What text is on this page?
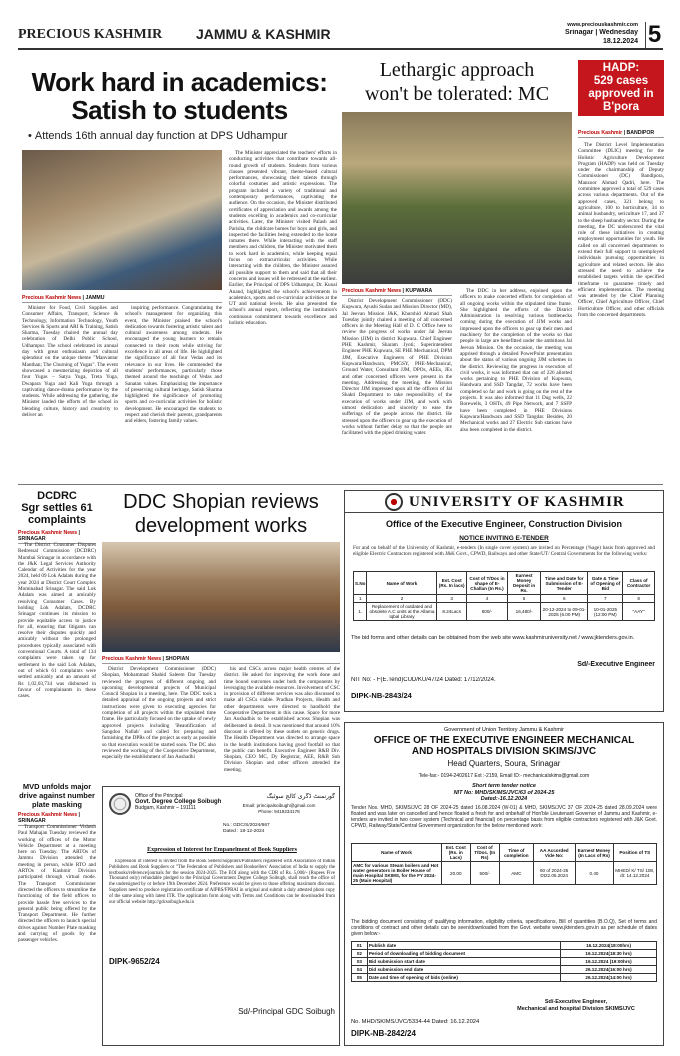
PRECIOUS KASHMIR	JAMMU & KASHMIR
www.preciouskashmir.com
Srinagar | Wednesday
18.12.2024 5
Work hard in academics:
Satish to students
• Attends 16th annual day function at DPS Udhampur

The Minister appreciated the teachers' efforts in conducting activities that contribute towards all-round growth of students. Students from various classes presented vibrant, theme-based cultural performances, showcasing their talents through colorful costumes and artistic expressions. The program included a variety of traditional and contemporary performances, captivating the audience. On the occasion, the Minister distributed certificates of appreciation and awards among the students excelling in academics and co-curricular activities. Later, the Minister visited Palash and Parisha, the childcare homes for boys and girls, and inspected the facilities being extended to the home inmates there. While interacting with the staff members and children, the Minister motivated them to work hard in academics, while keeping equal focus on extracurricular activities. While interacting with the children, the Minister assured all possible support to them and said that all their concerns and issues will be redressed at the earliest. Earlier, the Principal of DPS Udhampur, Dr. Kunal Anand, highlighted the school's achievements in academics, sports and co-curricular activities at the UT and national levels. He also presented the school's annual report, reflecting the institution's continuous commitment towards excellence and holistic education.

Precious Kashmir News | JAMMU

Minister for Food, Civil Supplies and Consumer Affairs, Transport, Science & Technology, Information Technology, Youth Services & Sports and ARI & Training, Satish Sharma, Tuesday chaired the annual day celebration of Delhi Public School, Udhampur. The school celebrated its annual day with great enthusiasm and cultural splendour on the unique theme "Manvantar Manthan; The Churning of Yugas". The event showcased a mesmerizing depiction of all four Yugas – Satya Yuga, Treta Yuga, Dwapara Yuga and Kali Yuga through a captivating dance-drama performance by the students. While addressing the gathering, the Minister lauded the efforts of the school in blending culture, history and creativity to deliver an

inspiring performance. Congratulating the school's management for organizing this event, the Minister praised the school's dedication towards fostering artistic talent and cultural awareness among students. He encouraged the young learners to remain connected to their roots while striving for excellence in all areas of life. He highlighted the significance of all four Vedas and its relevance in our lives. He commended the students' performances, particularly those themed around the teachings of Vedas and Sanatan values. Emphasizing the importance of preserving cultural heritage, Satish Sharma highlighted the significance of promoting sports and co-curricular activities for holistic development. He encouraged the students to respect and cherish their parents, grandparents and elders, fostering family values.

Lethargic approach
won't be tolerated: MC
Precious Kashmir News | KUPWARA

District Development Commissioner (DDC) Kupwara, Ayushi Sudan and Mission Director (MD), Jal Jeevan Mission J&K, Khurshid Ahmad Shah Tuesday jointly chaired a meeting of all concerned officers in the Meeting Hall of D. C Office here to review the progress of works under Jal Jeevan Mission (JJM) in district Kupwara. Chief Engineer PHE Kashmir, Sharam Jyoti; Superintendent Engineer PHE Kupwara, SE PHE Mechanical, DPM JJM, Executive Engineers of PHE Division Kupwara/Handwara, PMGSY, PHE-Mechanical, Ground Water, Consultant JJM, DPOs, AEEs, JEs and other concerned officers were present in the meeting. Addressing the meeting, the Mission Director JJM impressed upon all the officers of Jal Shakti Department to take responsibility of the execution of works under JJM, and work with utmost dedication and sincerity to ease the sufferings of the people across the district. He stressed upon the officers to gear up the execution of works without further delay so that the people are facilitated with the piped drinking water.

The DDC in her address, enjoined upon the officers to make concerted efforts for completion of all ongoing works within the stipulated time frame. She highlighted the efforts of the District Administration in resolving various bottlenecks coming during the execution of JJM works and impressed upon the officers to gear up their men and machinery for the completion of the works so that people in large are benefitted under the ambitious Jal Jeevan Mission. On the occasion, the meeting was apprised through a detailed PowerPoint presentation about the status of various ongoing JJM schemes in the district. Reviewing the progress in execution of civil works, it was informed that out of 226 allotted works pertaining to PHE Division of Kupwara, Handwara and SSD Tangdar, 72 works have been completed so far and work is going on the rest of the projects. It was also informed that 11 Dug wells, 22 Borewells, 3 OHTs, 49 Pipe Network, and 7 SSFP have been completed in PHE Divisions Kupwara/Handwara and SSD Tangdar. Besides, 20 Mechanical works and 27 Electric Sub stations have also been completed in the district.

HADP:
529 cases
approved in
B'pora
Precious Kashmir | BANDIPOR

The District Level Implementation Committee (DLIC) meeting for the Holistic Agriculture Development Program (HADP) was held on Tuesday under the chairmanship of Deputy Commissioner (DC) Bandipora, Manzoor Ahmad Qadri, here. The committee approved a total of 529 cases across various departments. Out of the approved cases, 321 belong to agriculture, 100 to horticulture, 34 to animal husbandry, sericulture 17, and 37 to the sheep husbandry sector. During the meeting, the DC underscored the vital role of these initiatives in creating employment opportunities for youth. He called on all concerned departments to extend their full support to unemployed individuals pursuing opportunities in agriculture and related sectors. He also stressed the need to achieve the established targets within the specified timeframe to guarantee timely and efficient implementation. The meeting was attended by the Chief Planning Officer, Chief Agriculture Officer, Chief Horticulture Officer, and other officials from the concerned departments.

DCDRC
Sgr settles 61
complaints
Precious Kashmir News | SRINAGAR

The District Consumer Disputes Redressal Commission (DCDRC) Mumbai Srinagar in accordance with the J&K Legal Services Authority Calendar of Activities for the year 2024, held 09 Lok Adalats during the year 2024 at District Court Complex Mominabad Srinagar. The said Lok Adalats was aimed at amicably resolving Consumer Cases. By holding Lok Adalats, DCDRC Srinagar continues its mission to provide equitable access to justice for all, ensuring that litigants can resolve their disputes quickly and amicably without the prolonged procedures typically associated with conventional Courts. A total of 134 complaints were taken up for settlement in the said Lok Adalats, out of which 61 complaints were settled amicably and an amount of Rs 1,02,03,734 was disbursed in favour of complainants in these cases.

MVD unfolds major
drive against number
plate masking
Precious Kashmir News | SRINAGAR

Transport Commissioner Vishesh Paul Mahajan Tuesday reviewed the working of offices of the Motor Vehicle Department at a meeting here on Tuesday. The ARTOs of Jammu Division attended the meeting in person, while RTO and ARTOs of Kashmir Division participated through virtual mode. The Transport Commissioner directed the officers to streamline the functioning of the field offices to provide hassle free services to the general public being offered by the Transport Department. He further directed the officers to launch special drives against Number Plate masking and carrying of goods by the passenger vehicles.

DDC Shopian reviews
development works
Precious Kashmir News | SHOPIAN

District Development Commissioner (DDC) Shopian, Mohammad Shahid Saleem Dar Tuesday reviewed the progress of different ongoing and upcoming developmental projects of Municipal Council Shopian in a meeting, here. The DDC took a detailed appraisal of the ongoing projects and strict instructions were given to executing agencies for completion of all projects within the stipulated time frame. He particularly focused on the uptake of newly approved projects including 'Beautification of Sangdoo Nallah' and called for preparing and furnishing the DPRs of the project as early as possible so that execution would be started soon. The DC also reviewed the working of the Cooperative Department, especially the establishment of Jan Aushadhi

his and CSCs across major health centres of the district. He asked for improving the work done and time bound outcomes under both the components by leveraging the available resources. Involvement of CSC in provision of different services was also discussed to make all CSCs viable. Pradhan Projects, Health and other departments were directed to handhold the Cooperative Department in this cause. Space for more Jan Aushadhis to be established across Shopian was deliberated in detail. It was mentioned that around 10% discount is offered by these outlets on generic drugs. The Health Department was directed to arrange space in the health institutions having good footfall so that the public can benefit. Executive Engineer R&B Div. Shopian, CEO MC, Dy Registrar, AEE, R&B Sub Division Shopian and other officers attended the meeting.

Office of the Principal
Govt. Degree College Soibugh
Budgam, Kashmir – 191111
گورنمنٹ ڈگری کالج سوئبگ
Email: principalsoibugh@gmail.com
Phone: 9419234178
No.: GDC/S/2024/667
Dated : 18-12-2024
Expression of Interest for Empanelment of Book Suppliers

Expression of interest is invited from the Book Sellers/Suppliers/Publishers registered with Association of Indian Publishers and Book Suppliers or "The Federation of Publishers and Booksellers' Association of India to supply the textbooks/reference/journals for the session 2024-2025. The EOI along with the CDR of Rs. 5,000/- (Rupees Five Thousand only) refundable pledged to the Principal Government Degree College Soibugh, shall reach the office of the undersigned by or before 19th December 2024. Preference would be given to those offering maximum discount. Suppliers need to produce registration certificate of AIPBS/FPBAI in original and submit a duly attested photo copy of the same along with latest ITR. The application form along with Terms and Conditions can be downloaded from our official website http://gdcsoibugh.edu.in

DIPK-9652/24
Sd/-Principal GDC Soibugh
UNIVERSITY OF KASHMIR
Office of the Executive Engineer, Construction Division
NOTICE INVITING E-TENDER

For and on behalf of the University of Kashmir, e-tenders (In single cover system) are invited on Percentage (%age) basis from approved and eligible Electric Contractors registered with J&K Govt., CPWD, Railways and other State/UT/ Central Governments for the following works:

S.No	Name of Work	Est. Cost (Rs. In lacs)	Cost of T/Doc in shape of E-Challan (In Rs.)	Earnest Money Deposit in Rs.	Time and Date for Submission of E-Tender	Date & Time of Opening of Bid	Class of Contractor
1	2	3	4	5	6	7	8
1.	Replacement of outdated and obsolete A.C units at the Allama Iqbal Library	8.24Lacs	600/-	16,480/-	20-12-2024 to 09-01-2025 (6.00 PM)	10-01-2025 (12:00 PM)	"AAY"
The bid forms and other details can be obtained from the web site www.kashmiruniversity.net / www.jktenders.gov.in.
Sd/-Executive Engineer
NIT No: - F(E.Tend)CUD/KU/47/24 Dated: 17/12/2024.
DIPK-NB-2843/24
Government of Union Territory Jammu & Kashmir
OFFICE OF THE EXECUTIVE ENGINEER MECHANICAL
AND HOSPITALS DIVISION SKIMS/JVC
Head Quarters, Soura, Srinagar
Tele-fax:- 0194-2402617 Ext :-2159, Email ID:- mechanicalskims@gmail.com
Short term tender notice
NIT No: MHD/SKIMS/JVC/63 of 2024-25
Dated:-16.12.2024

Tender Nos. MHD, SKIMS/JVC 28 OF 2024-25 dated 16.08.2024 (W-01) & MHD, SKIMS/JVC 37 OF 2024-25 dated 28.09.2024 were floated and was later on cancelled and hence floated a fresh for and onbehalf of Hon'ble Lieutenant Governor of Jammu and Kashmir, e-tenders are invited in two cover system (Technical and financial) on percentage basis from eligible contractors registered with J&K Govt. CPWD, Railway/State/Central Government organization for the below mentioned work:

Name of Work	Est. Cost (Rs. in Lacs)	Cost of T/Doc. (In Rs)	Time of completion	AA Accorded Vide No:	Earnest Money (In Lacs of Rs)	Position of TS
AMC for various Steam boilers and Hot water generators in Boiler House of main Hospital SKIMS, for the FY 2024-25 (Main Hospital)	20.00	500/-	AMC	60 of 2024-25 Dt22.05.2024	0.40	MHED/ K/ TS/ 108, dt: 14.12.2024

The bidding document consisting of qualifying information, eligibility criteria, specifications, Bill of quantities (B.O.Q), Set of terms and conditions of contract and other details can be seen/downloaded from the Govt. website www.jktenders.gov.in as per schedule of dates given below:-

01	Publish date	16.12.2024(18:00hrs)
02	Period of downloading of bidding document	16.12.2024(18:30 hrs)
03	Bid submission start date	16.12.2024 (19:00hrs)
04	Did submission end date	26.12.2024(16:00 hrs)
05	Date and time of opening of bids (online)	26.12.2024(14:00 hrs)
Sd/-Executive Engineer,
Mechanical and hospital Division SKIMS/JVC
No. MHD/SKIMS/JVC/5334-44 Dated: 16.12.2024
DIPK-NB-2842/24
